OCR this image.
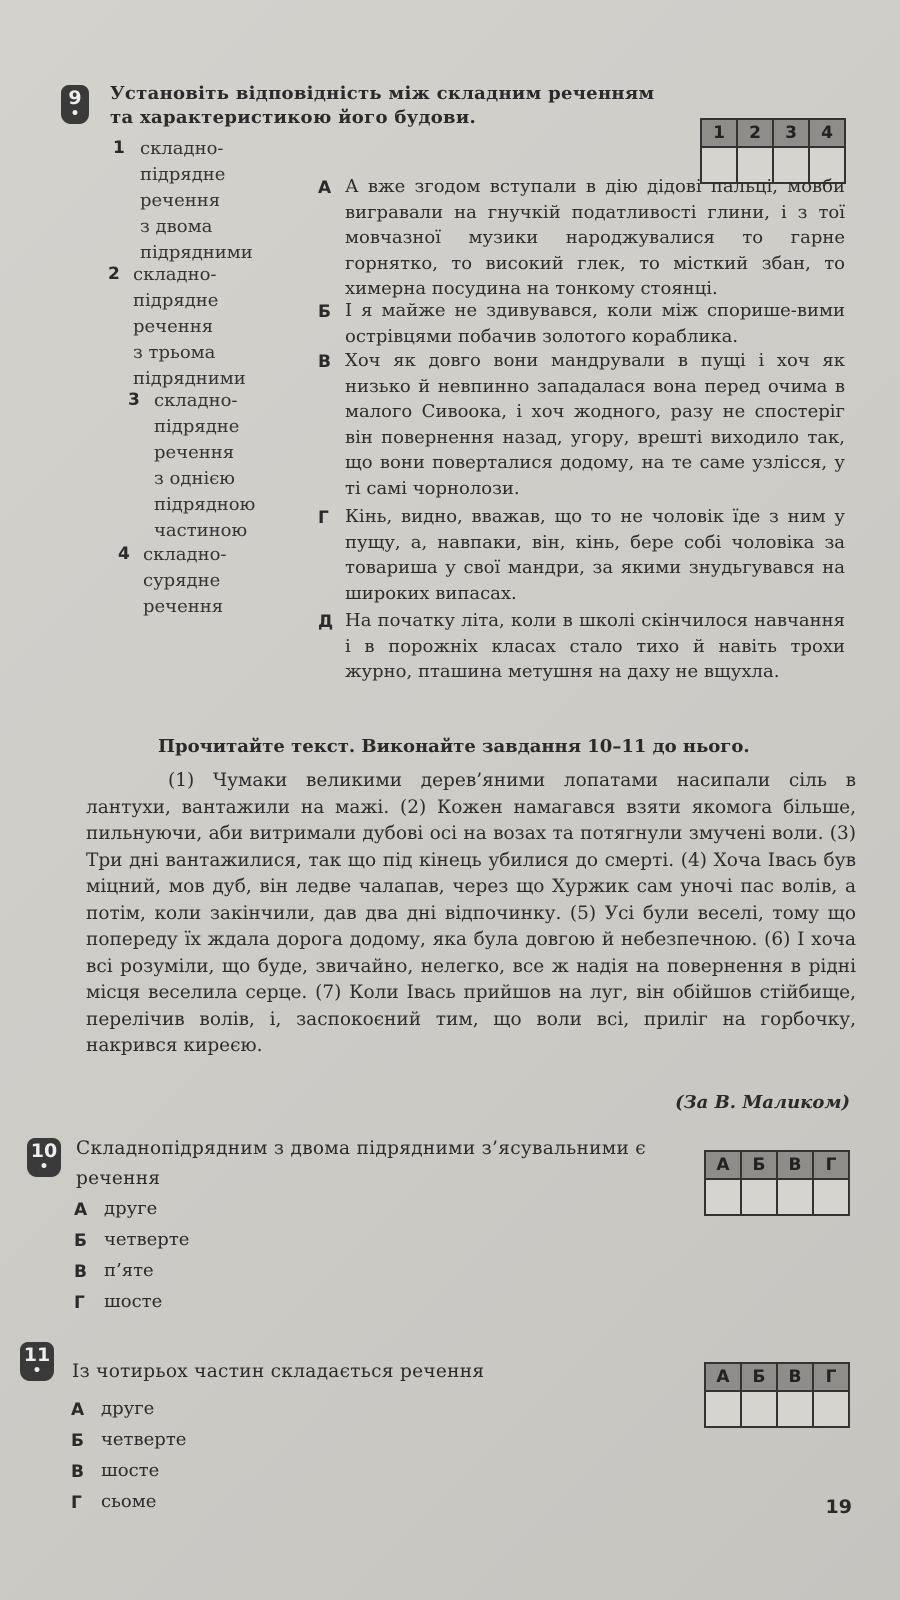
9
•
Установіть відповідність між складним реченням та характеристикою його будови.
1	2	3	4

1 складно-
підрядне
речення
з двома
підрядними
2 складно-
підрядне
речення
з трьома
підрядними
3 складно-
підрядне
речення
з однією
підрядною
частиною
4 складно-
сурядне
речення
А А вже згодом вступали в дію дідові пальці, мовби вигравали на гнучкій податливості глини, і з тої мовчазної музики народжувалися то гарне горнятко, то високий глек, то місткий збан, то химерна посудина на тонкому стоянці.
Б І я майже не здивувався, коли між спорише-вими острівцями побачив золотого кораблика.
В Хоч як довго вони мандрували в пущі і хоч як низько й невпинно западалася вона перед очима в малого Сивоока, і хоч жодного, разу не спостеріг він повернення назад, угору, врешті виходило так, що вони поверталися додому, на те саме узлісся, у ті самі чорнолози.
Г Кінь, видно, вважав, що то не чоловік їде з ним у пущу, а, навпаки, він, кінь, бере собі чоловіка за товариша у свої мандри, за якими знудьгувався на широких випасах.
Д На початку літа, коли в школі скінчилося навчання і в порожніх класах стало тихо й навіть трохи журно, пташина метушня на даху не вщухла.
Прочитайте текст. Виконайте завдання 10–11 до нього.
(1) Чумаки великими дерев’яними лопатами насипали сіль в лантухи, вантажили на мажі. (2) Кожен намагався взяти якомога більше, пильнуючи, аби витримали дубові осі на возах та потягнули змучені воли. (3) Три дні вантажилися, так що під кінець убилися до смерті. (4) Хоча Івась був міцний, мов дуб, він ледве чалапав, через що Хуржик сам уночі пас волів, а потім, коли закінчили, дав два дні відпочинку. (5) Усі були веселі, тому що попереду їх ждала дорога додому, яка була довгою й небезпечною. (6) І хоча всі розуміли, що буде, звичайно, нелегко, все ж надія на повернення в рідні місця веселила серце. (7) Коли Івась прийшов на луг, він обійшов стійбище, перелічив волів, і, заспокоєний тим, що воли всі, приліг на горбочку, накрився киреєю.
(За В. Маликом)
10
•
Складнопідрядним з двома підрядними з’ясувальними є речення
А	Б	В	Г

А друге
Б четверте
В п’яте
Г шосте
11
•	Із чотирьох частин складається речення	А	Б	В	Г

А друге
Б четверте
В шосте
Г сьоме	19
